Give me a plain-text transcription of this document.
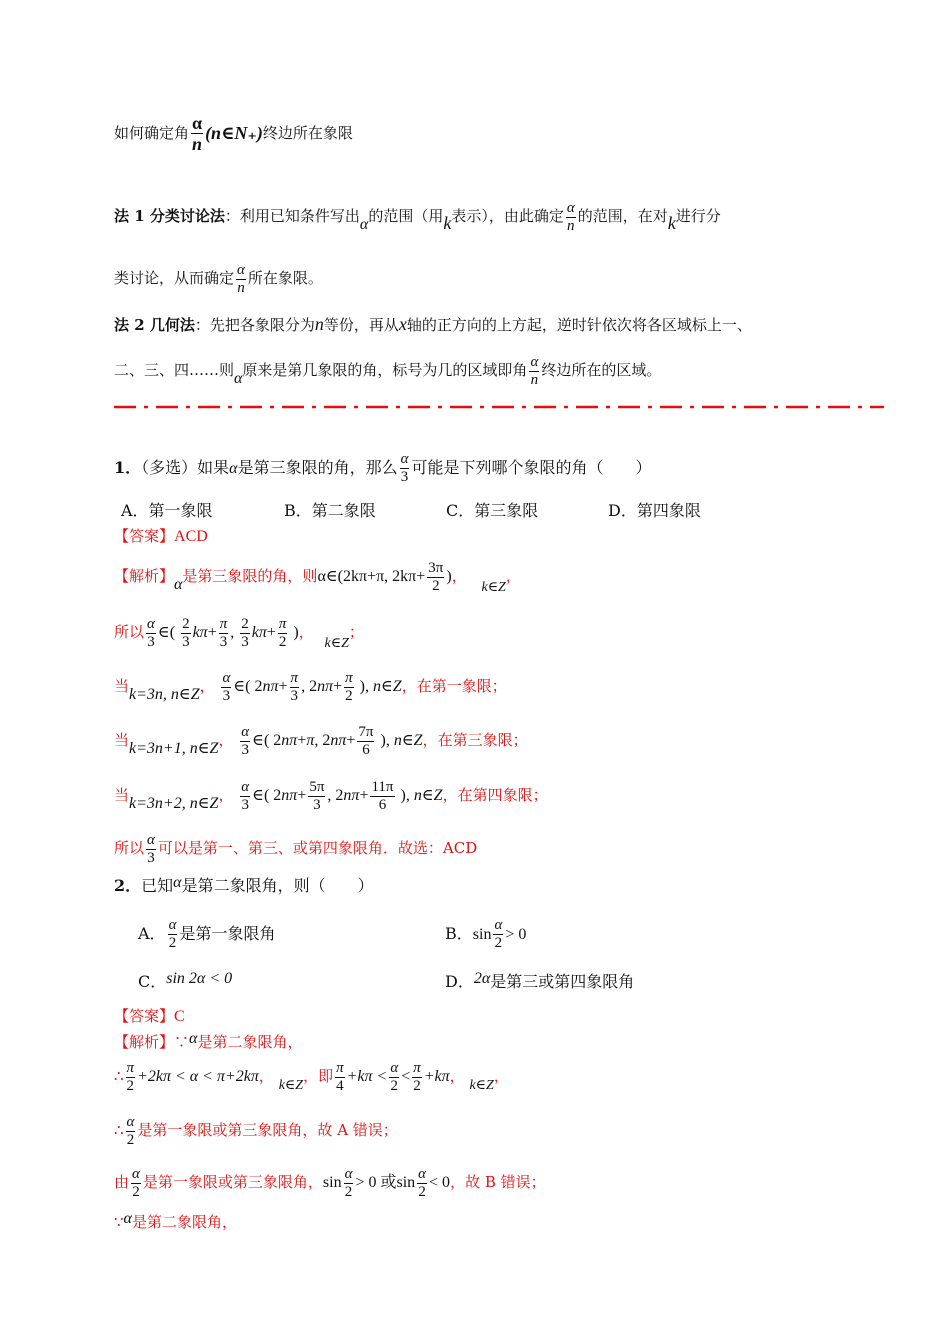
如何确定角 $\frac{\alpha}{n}$ (n∈N₊)终边所在象限
法 1 分类讨论法：利用已知条件写出α的范围（用k表示），由此确定 $\frac{\alpha}{n}$ 的范围，在对k进行分
类讨论，从而确定 $\frac{\alpha}{n}$ 所在象限。
法 2 几何法：先把各象限分为n等份，再从x轴的正方向的上方起，逆时针依次将各区域标上一、
二、三、四……则α原来是第几象限的角，标号为几的区域即角 $\frac{\alpha}{n}$ 终边所在的区域。
1．（多选）如果α是第三象限的角，那么 $\frac{\alpha}{3}$ 可能是下列哪个象限的角（　　）
A．第一象限	B．第二象限	C．第三象限	D．第四象限
【答案】ACD
【解析】α是第三象限的角，则α∈(2kπ+π, $2k\pi+ \frac{3\pi}{2}$ )， k∈Z，
所以 $\frac{\alpha}{3}$ ∈( $\frac{2}{3} k\pi+ \frac{\pi}{3}$ , $\frac{2}{3} k\pi+ \frac{\pi}{2}$ )， k∈Z；
当k=3n, n∈Z， $\frac{\alpha}{3}$ ∈( $2n\pi+ \frac{\pi}{3}$ , $2n\pi+ \frac{\pi}{2}$ ), n∈Z，在第一象限；
当k=3n+1, n∈Z， $\frac{\alpha}{3}$ ∈( 2nπ+π, $2n\pi+ \frac{7\pi}{6}$ ), n∈Z，在第三象限；
当k=3n+2, n∈Z， $\frac{\alpha}{3}$ ∈( $2n\pi+ \frac{5\pi}{3}$ , $2n\pi+ \frac{11\pi}{6}$ ), n∈Z，在第四象限；
所以 $\frac{\alpha}{3}$ 可以是第一、第三、或第四象限角．故选：ACD
2．已知α是第二象限角，则（　　）
A． $\frac{\alpha}{2}$ 是第一象限角	B．$\sin \frac{\alpha}{2} > 0$
C．sin 2α < 0	D．2α是第三或第四象限角
【答案】C
【解析】∵α是第二象限角，
∴ $\frac{\pi}{2} +2k\pi < \alpha < \pi+2k\pi$， k∈Z，即 $\frac{\pi}{4} +k\pi < \frac{\alpha}{2} < \frac{\pi}{2} +k\pi$， k∈Z，
∴ $\frac{\alpha}{2}$ 是第一象限或第三象限角，故 A 错误；
由 $\frac{\alpha}{2}$ 是第一象限或第三象限角，$\sin \frac{\alpha}{2} > 0$ 或$\sin \frac{\alpha}{2} < 0$，故 B 错误；
∵α是第二象限角，
